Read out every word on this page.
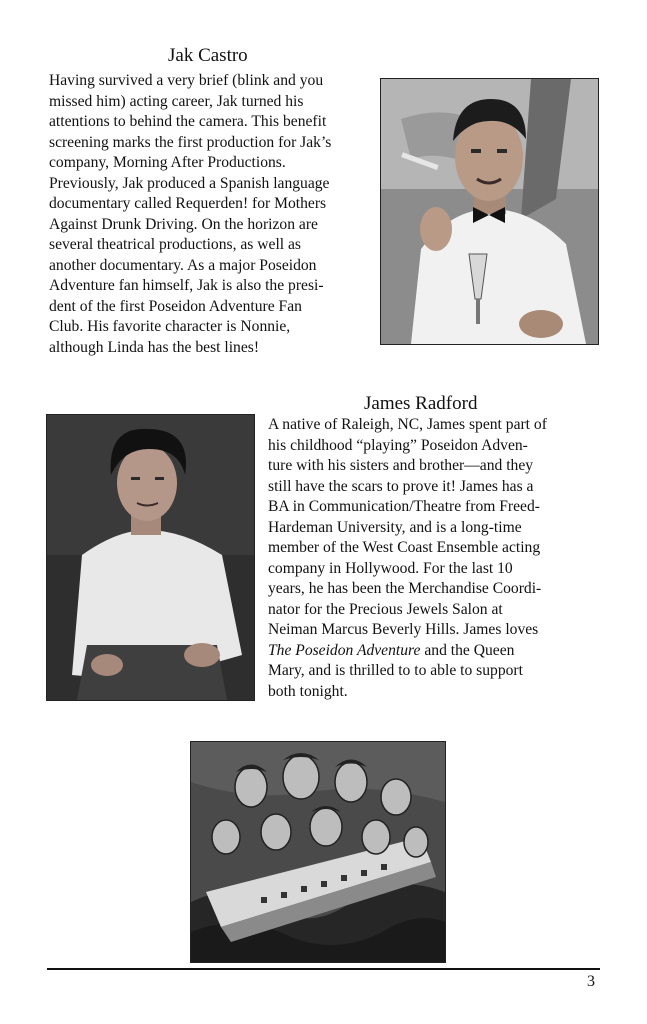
Jak Castro

Having survived a very brief (blink and you
missed him) acting career, Jak turned his
attentions to behind the camera. This benefit
screening marks the first production for Jak’s
company, Morning After Productions.
Previously, Jak produced a Spanish language
documentary called Requerden! for Mothers
Against Drunk Driving. On the horizon are
several theatrical productions, as well as
another documentary. As a major Poseidon
Adventure fan himself, Jak is also the presi-
dent of the first Poseidon Adventure Fan
Club. His favorite character is Nonnie,
although Linda has the best lines!

James Radford

A native of Raleigh, NC, James spent part of
his childhood “playing” Poseidon Adven-
ture with his sisters and brother—and they
still have the scars to prove it! James has a
BA in Communication/Theatre from Freed-
Hardeman University, and is a long-time
member of the West Coast Ensemble acting
company in Hollywood. For the last 10
years, he has been the Merchandise Coordi-
nator for the Precious Jewels Salon at
Neiman Marcus Beverly Hills. James loves
The Poseidon Adventure and the Queen
Mary, and is thrilled to to able to support
both tonight.

3
